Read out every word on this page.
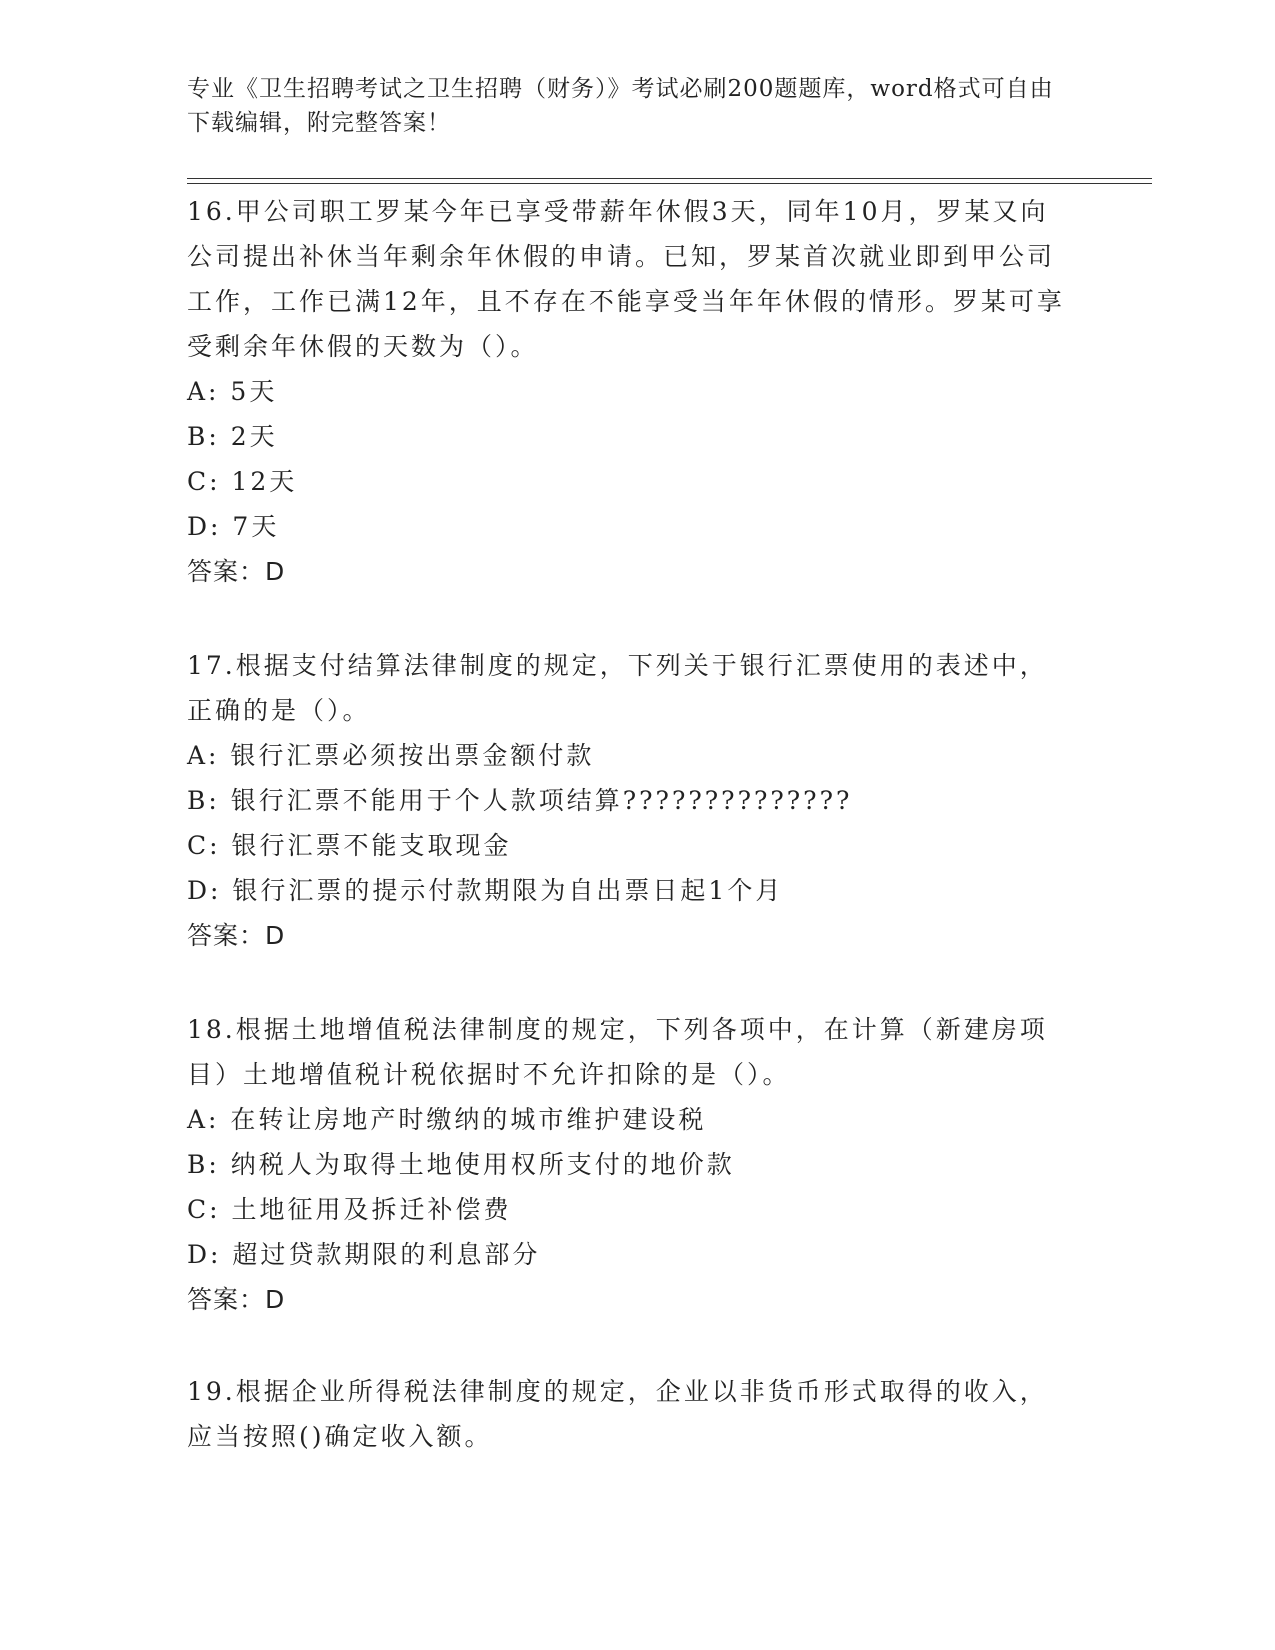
专业《卫生招聘考试之卫生招聘（财务）》考试必刷200题题库，word格式可自由下载编辑，附完整答案！

16.甲公司职工罗某今年已享受带薪年休假3天，同年10月，罗某又向公司提出补休当年剩余年休假的申请。已知，罗某首次就业即到甲公司工作，工作已满12年，且不存在不能享受当年年休假的情形。罗某可享受剩余年休假的天数为（）。

A: 5天

B: 2天

C: 12天

D: 7天

答案：D

17.根据支付结算法律制度的规定，下列关于银行汇票使用的表述中，正确的是（）。

A: 银行汇票必须按出票金额付款

B: 银行汇票不能用于个人款项结算??????????????

C: 银行汇票不能支取现金

D: 银行汇票的提示付款期限为自出票日起1个月

答案：D

18.根据土地增值税法律制度的规定，下列各项中，在计算（新建房项目）土地增值税计税依据时不允许扣除的是（）。

A: 在转让房地产时缴纳的城市维护建设税

B: 纳税人为取得土地使用权所支付的地价款

C: 土地征用及拆迁补偿费

D: 超过贷款期限的利息部分

答案：D

19.根据企业所得税法律制度的规定，企业以非货币形式取得的收入，应当按照()确定收入额。
